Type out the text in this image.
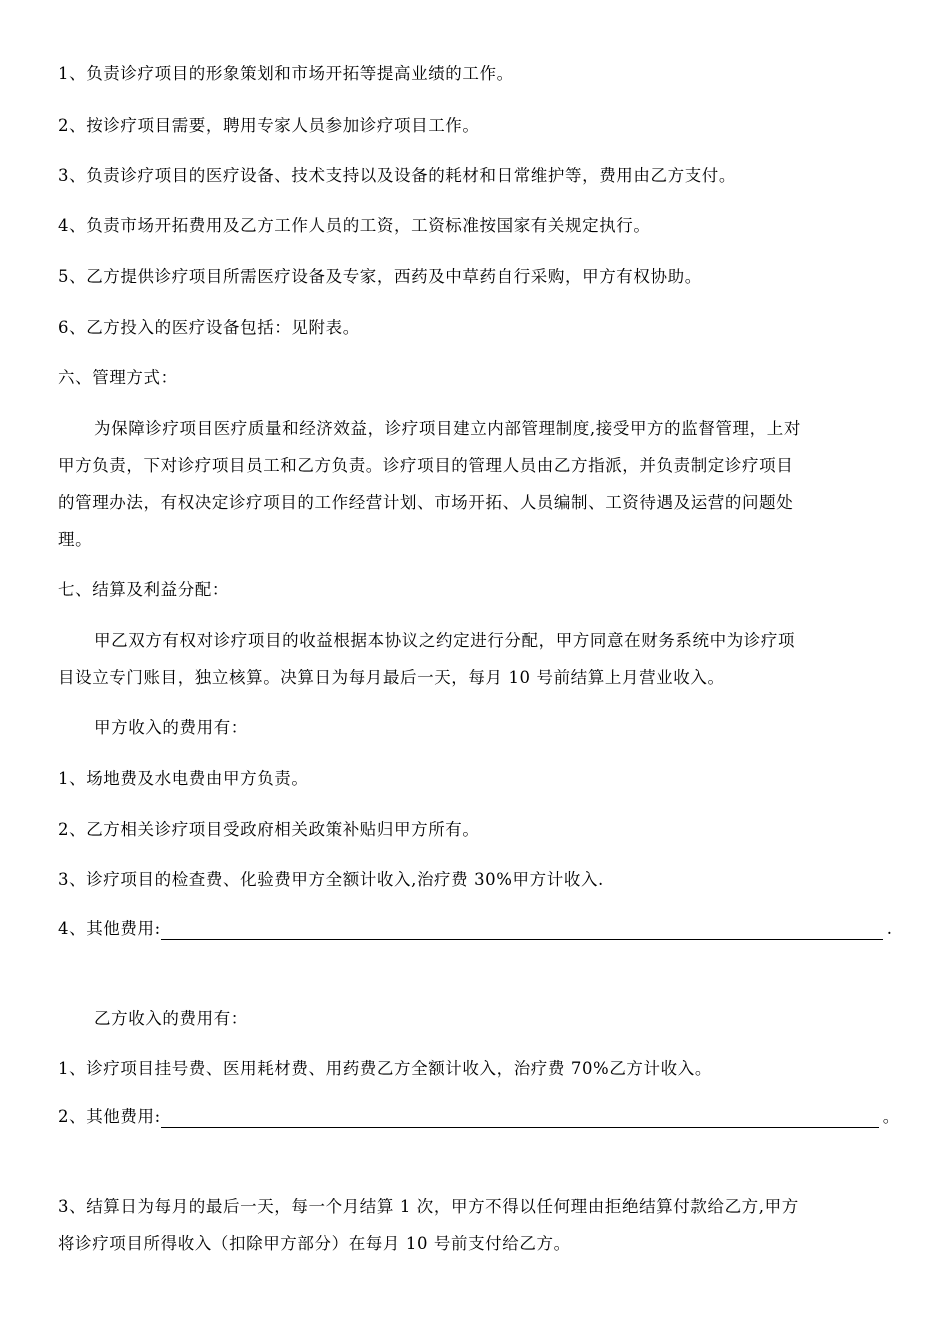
1、负责诊疗项目的形象策划和市场开拓等提高业绩的工作。
2、按诊疗项目需要，聘用专家人员参加诊疗项目工作。
3、负责诊疗项目的医疗设备、技术支持以及设备的耗材和日常维护等，费用由乙方支付。
4、负责市场开拓费用及乙方工作人员的工资，工资标准按国家有关规定执行。
5、乙方提供诊疗项目所需医疗设备及专家，西药及中草药自行采购，甲方有权协助。
6、乙方投入的医疗设备包括：见附表。
六、管理方式：
为保障诊疗项目医疗质量和经济效益，诊疗项目建立内部管理制度,接受甲方的监督管理，上对
甲方负责，下对诊疗项目员工和乙方负责。诊疗项目的管理人员由乙方指派，并负责制定诊疗项目
的管理办法，有权决定诊疗项目的工作经营计划、市场开拓、人员编制、工资待遇及运营的问题处
理。
七、结算及利益分配：
甲乙双方有权对诊疗项目的收益根据本协议之约定进行分配，甲方同意在财务系统中为诊疗项
目设立专门账目，独立核算。决算日为每月最后一天，每月 10 号前结算上月营业收入。
甲方收入的费用有：
1、场地费及水电费由甲方负责。
2、乙方相关诊疗项目受政府相关政策补贴归甲方所有。
3、诊疗项目的检查费、化验费甲方全额计收入,治疗费 30%甲方计收入.
4、其他费用 :	.
乙方收入的费用有：
1、诊疗项目挂号费、医用耗材费、用药费乙方全额计收入，治疗费 70%乙方计收入。
2、其他费用 :	。
3、结算日为每月的最后一天，每一个月结算 1 次，甲方不得以任何理由拒绝结算付款给乙方,甲方
将诊疗项目所得收入（扣除甲方部分）在每月 10 号前支付给乙方。
